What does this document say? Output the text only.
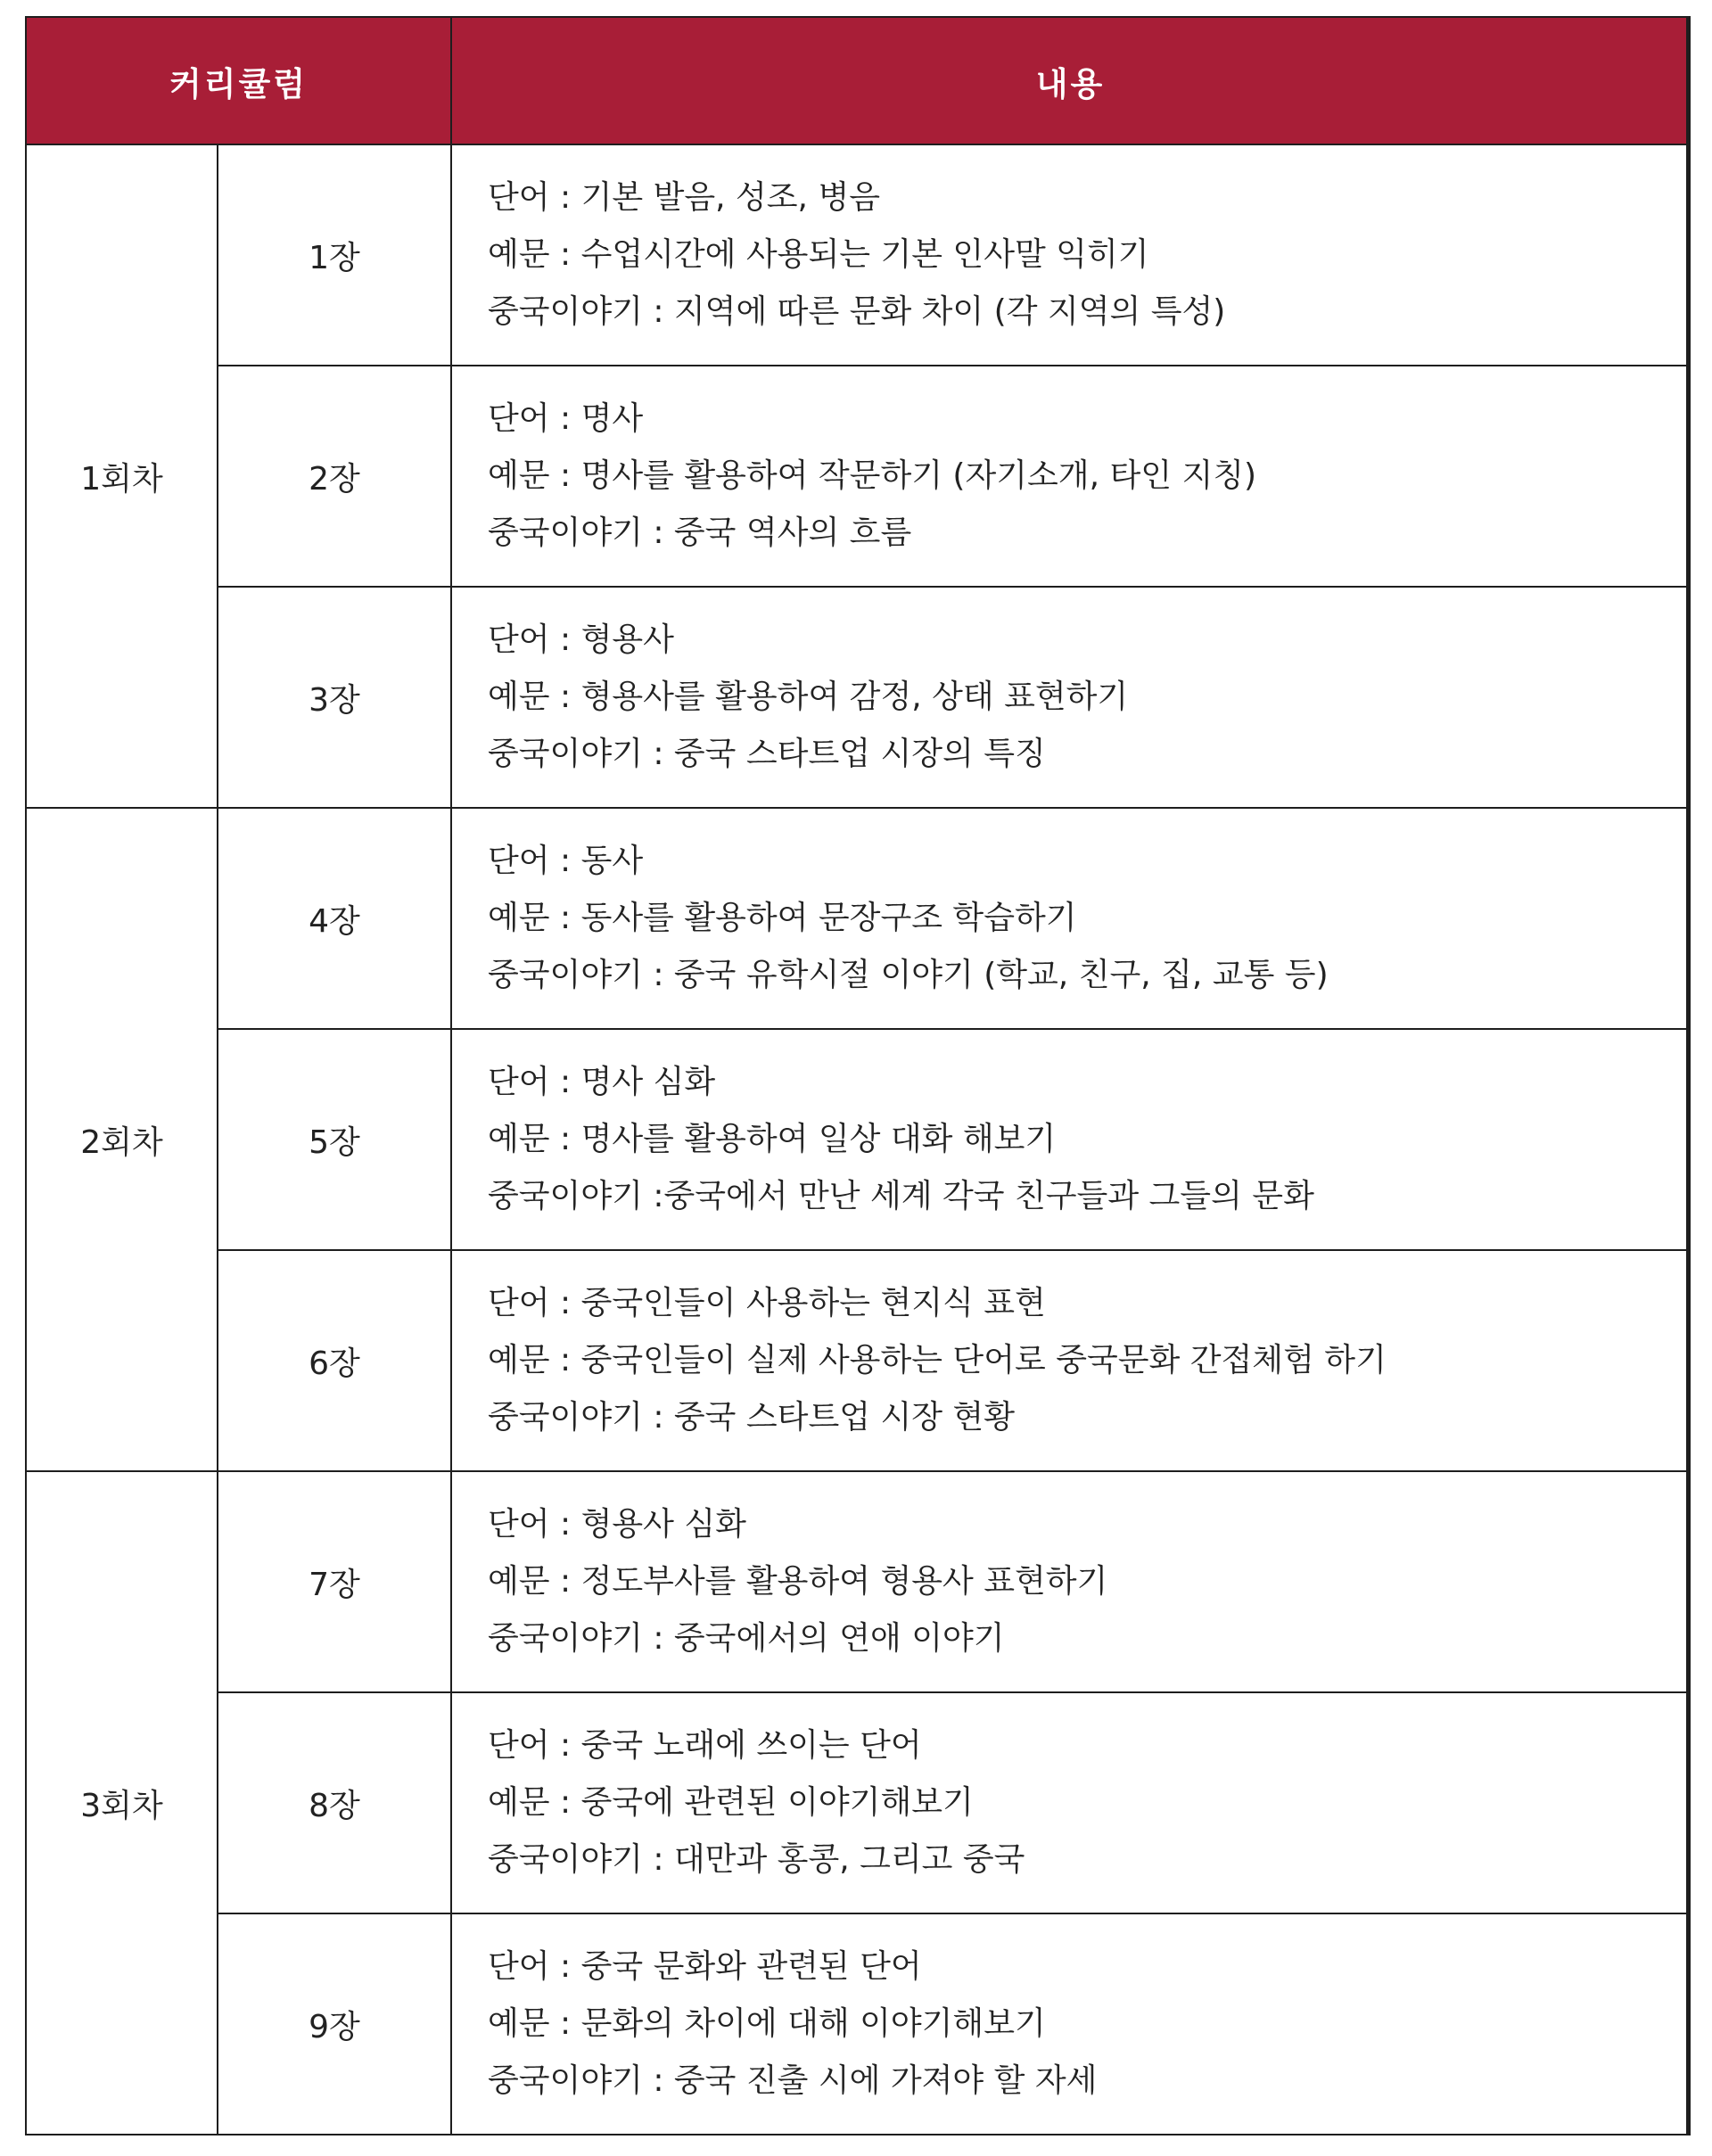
커리큘럼		내용
1회차	1장	단어 : 기본 발음, 성조, 병음
예문 : 수업시간에 사용되는 기본 인사말 익히기
중국이야기 : 지역에 따른 문화 차이 (각 지역의 특성)

	2장	단어 : 명사
예문 : 명사를 활용하여 작문하기 (자기소개, 타인 지칭)
중국이야기 : 중국 역사의 흐름

	3장	단어 : 형용사
예문 : 형용사를 활용하여 감정, 상태 표현하기
중국이야기 : 중국 스타트업 시장의 특징

2회차	4장	단어 : 동사
예문 : 동사를 활용하여 문장구조 학습하기
중국이야기 : 중국 유학시절 이야기 (학교, 친구, 집, 교통 등)

	5장	단어 : 명사 심화
예문 : 명사를 활용하여 일상 대화 해보기
중국이야기 :중국에서 만난 세계 각국 친구들과 그들의 문화

	6장	단어 : 중국인들이 사용하는 현지식 표현
예문 : 중국인들이 실제 사용하는 단어로 중국문화 간접체험 하기
중국이야기 : 중국 스타트업 시장 현황

3회차	7장	단어 : 형용사 심화
예문 : 정도부사를 활용하여 형용사 표현하기
중국이야기 : 중국에서의 연애 이야기

	8장	단어 : 중국 노래에 쓰이는 단어
예문 : 중국에 관련된 이야기해보기
중국이야기 : 대만과 홍콩, 그리고 중국

	9장	단어 : 중국 문화와 관련된 단어
예문 : 문화의 차이에 대해 이야기해보기
중국이야기 : 중국 진출 시에 가져야 할 자세
